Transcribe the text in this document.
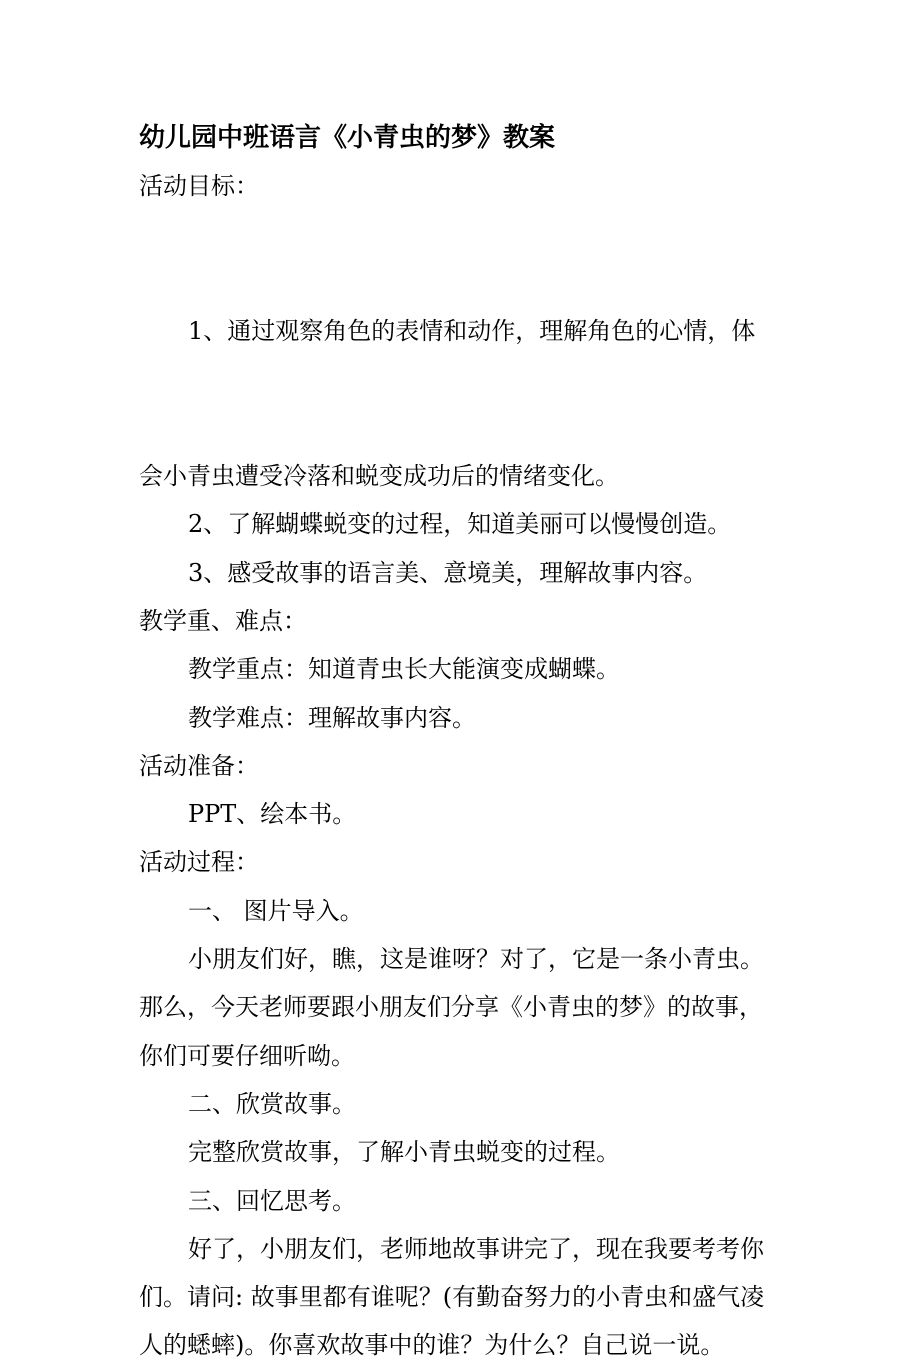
幼儿园中班语言《小青虫的梦》教案

活动目标：

1、通过观察角色的表情和动作，理解角色的心情，体

会小青虫遭受冷落和蜕变成功后的情绪变化。

2、了解蝴蝶蜕变的过程，知道美丽可以慢慢创造。

3、感受故事的语言美、意境美，理解故事内容。

教学重、难点：

教学重点：知道青虫长大能演变成蝴蝶。

教学难点：理解故事内容。

活动准备：

PPT、绘本书。

活动过程：

一、 图片导入。

小朋友们好，瞧，这是谁呀？对了，它是一条小青虫。

那么，今天老师要跟小朋友们分享《小青虫的梦》的故事，

你们可要仔细听呦。

二、欣赏故事。

完整欣赏故事，了解小青虫蜕变的过程。

三、回忆思考。

好了，小朋友们，老师地故事讲完了，现在我要考考你

们。请问: 故事里都有谁呢？(有勤奋努力的小青虫和盛气凌

人的蟋蟀)。你喜欢故事中的谁？为什么？自己说一说。
